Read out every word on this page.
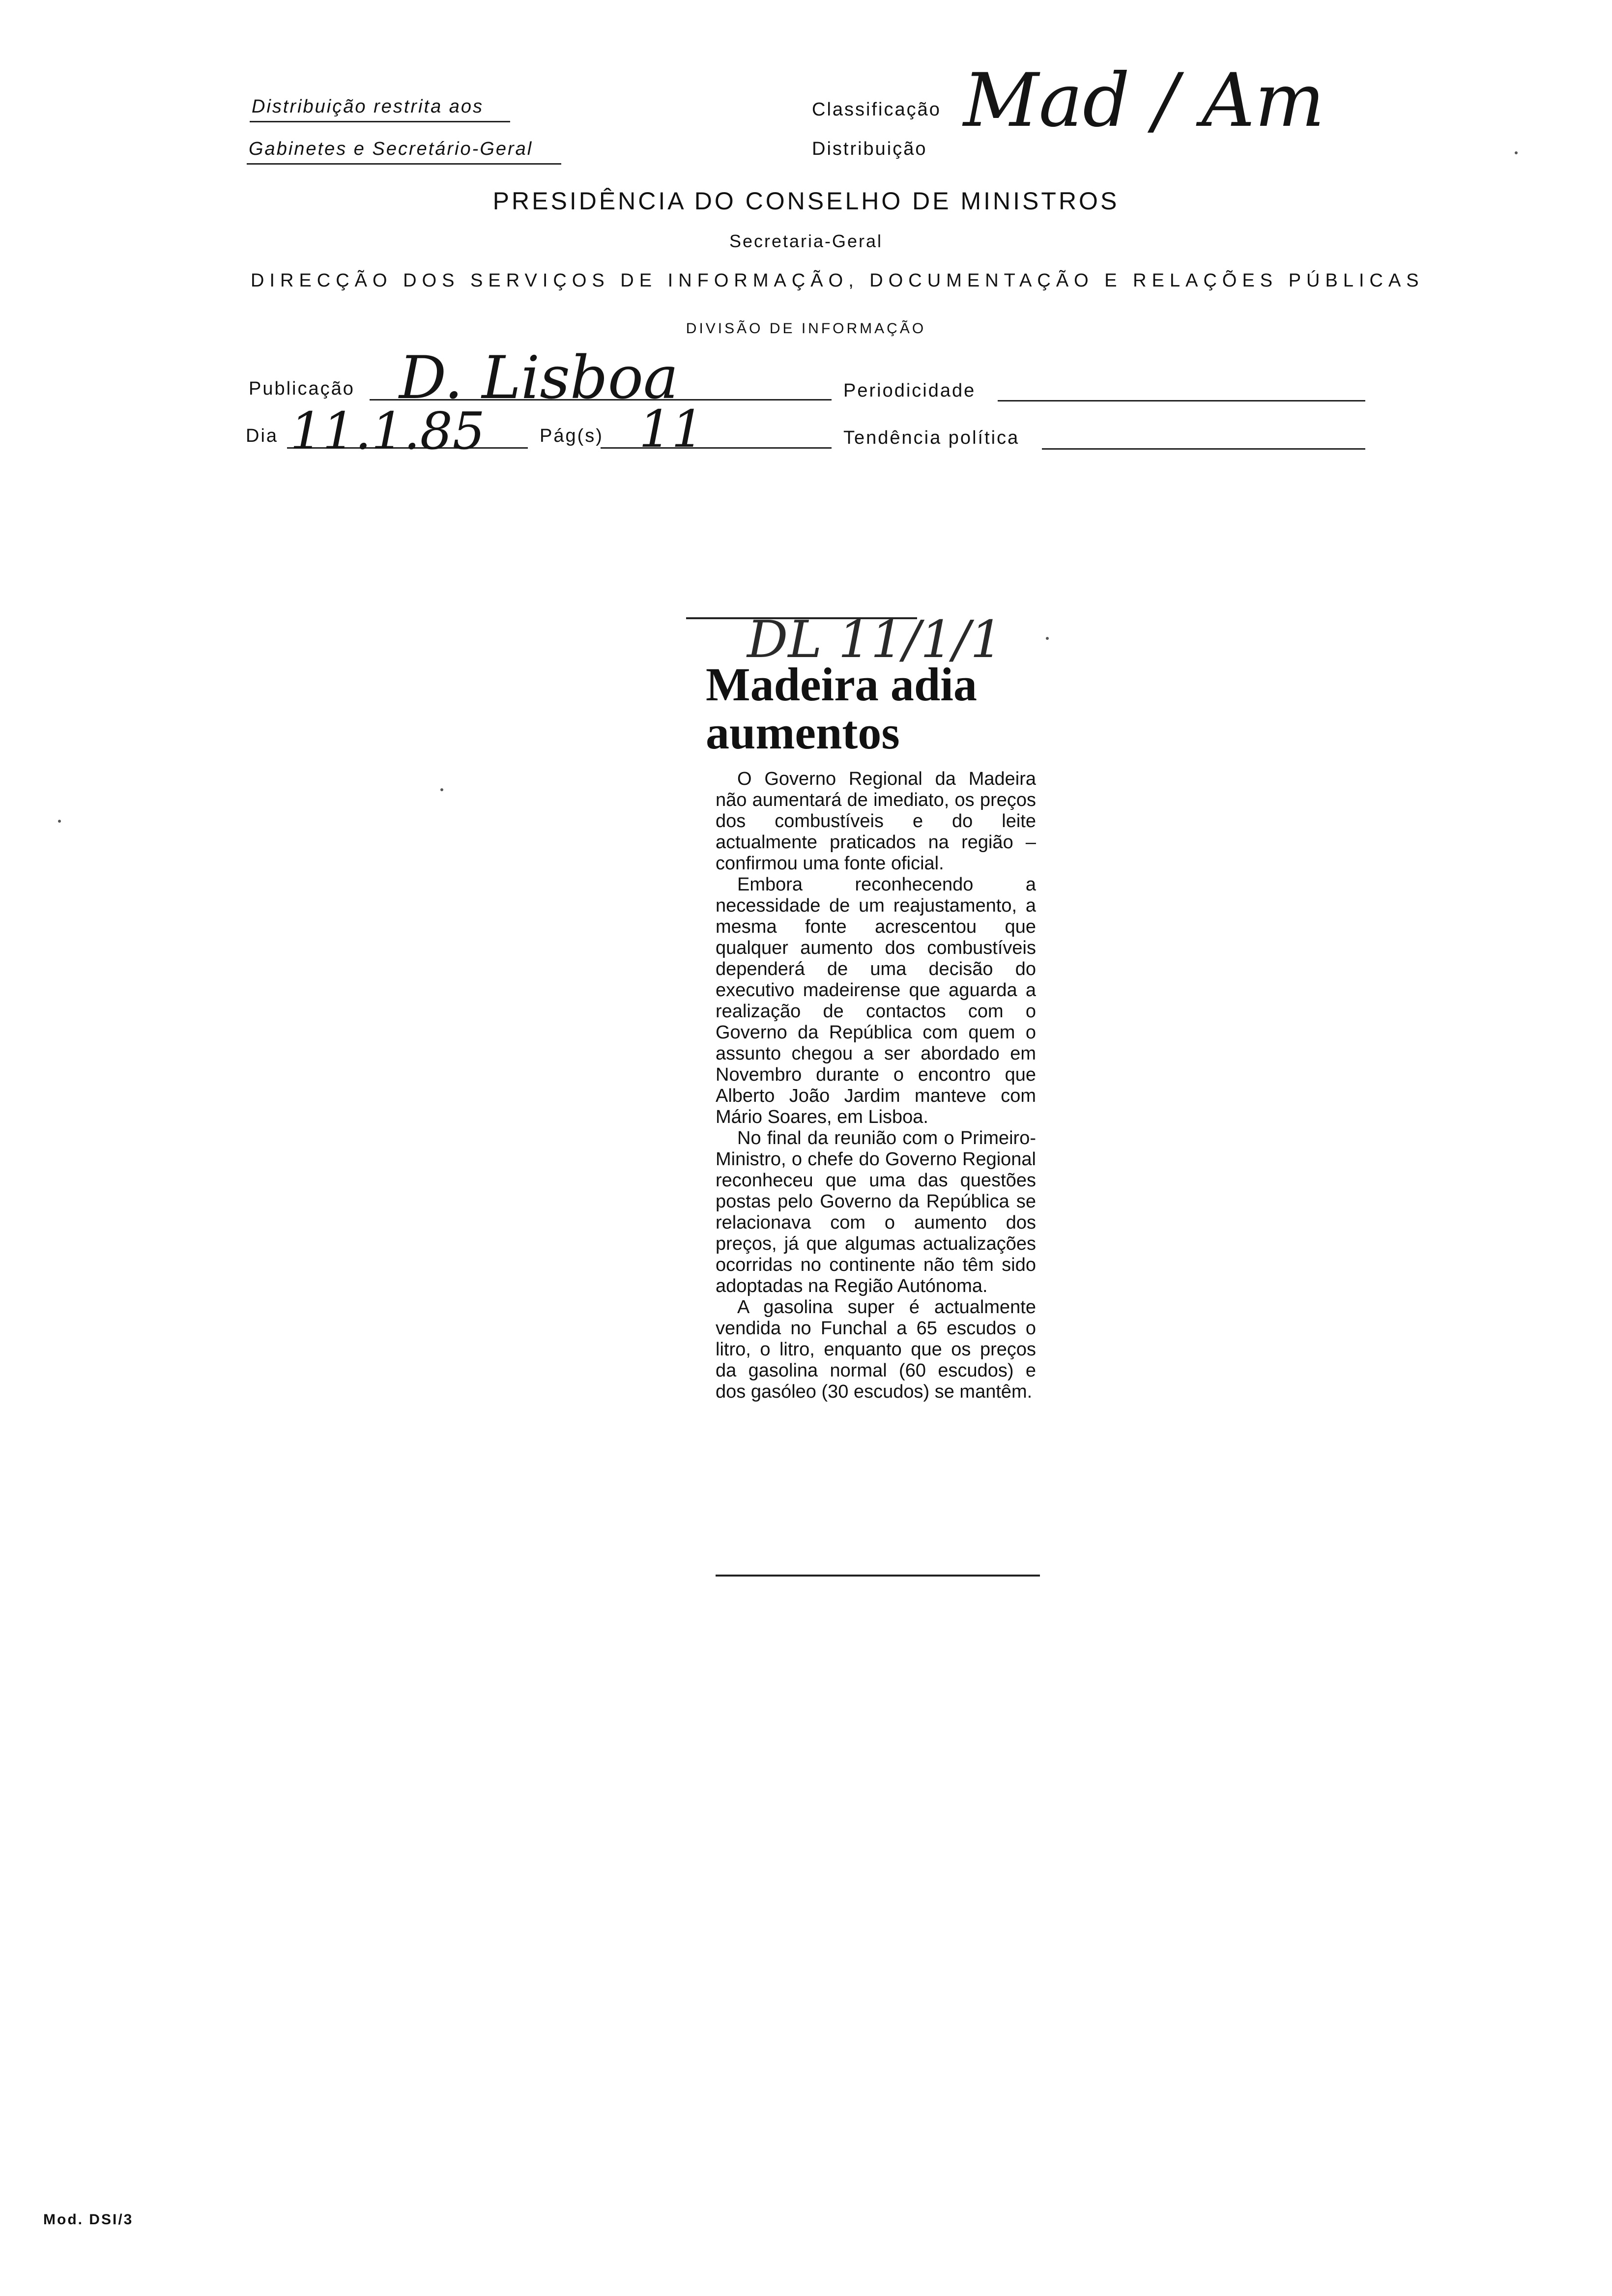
Distribuição restrita aos
Gabinetes e Secretário-Geral
Classificação
Distribuição
Mad / Am
PRESIDÊNCIA DO CONSELHO DE MINISTROS
Secretaria-Geral
DIRECÇÃO DOS SERVIÇOS DE INFORMAÇÃO, DOCUMENTAÇÃO E RELAÇÕES PÚBLICAS
DIVISÃO DE INFORMAÇÃO
Publicação D. Lisboa	Periodicidade
Dia 11.1.85	Pág(s) 11	Tendência política
DL 11/1/1
Madeira adia
aumentos

O Governo Regional da Madeira não aumentará de imediato, os preços dos combustíveis e do leite actualmente praticados na região – confirmou uma fonte oficial.

Embora reconhecendo a necessidade de um reajustamento, a mesma fonte acrescentou que qualquer aumento dos combustíveis dependerá de uma decisão do executivo madeirense que aguarda a realização de contactos com o Governo da República com quem o assunto chegou a ser abordado em Novembro durante o encontro que Alberto João Jardim manteve com Mário Soares, em Lisboa.

No final da reunião com o Primeiro-Ministro, o chefe do Governo Regional reconheceu que uma das questões postas pelo Governo da República se relacionava com o aumento dos preços, já que algumas actualizações ocorridas no continente não têm sido adoptadas na Região Autónoma.

A gasolina super é actualmente vendida no Funchal a 65 escudos o litro, o litro, enquanto que os preços da gasolina normal (60 escudos) e dos gasóleo (30 escudos) se mantêm.

Mod. DSI/3
